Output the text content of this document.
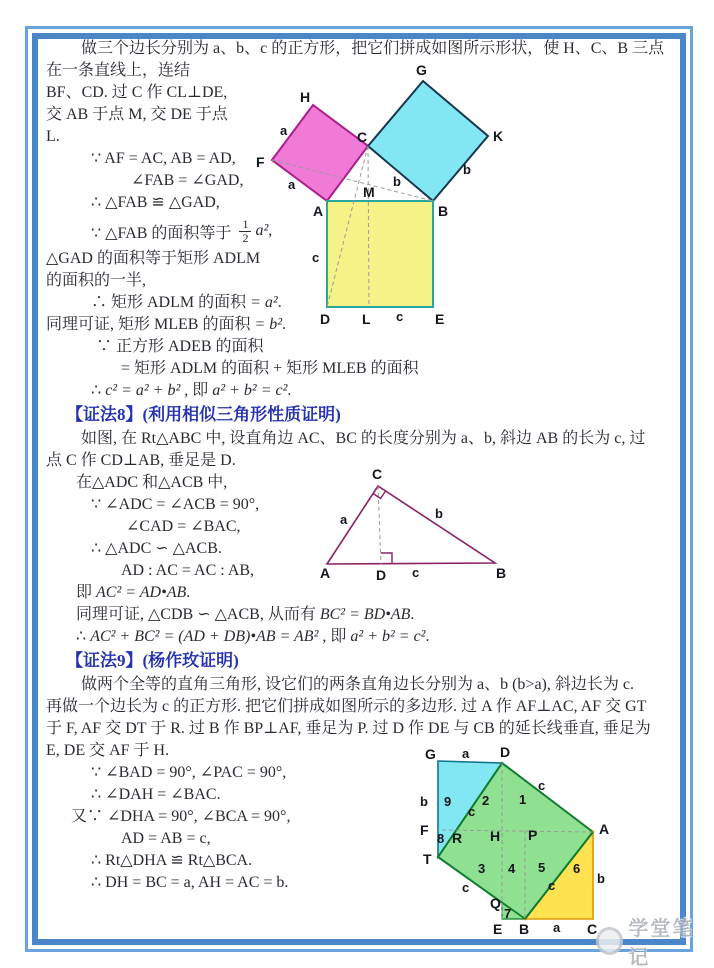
做三个边长分别为 a、b、c 的正方形，把它们拼成如图所示形状，使 H、C、B 三点
在一条直线上，连结
BF、CD. 过 C 作 CL⊥DE,
交 AB 于点 M, 交 DE 于点
L.
∵ AF = AC, AB = AD,
∠FAB = ∠GAD,
∴ △FAB ≌ △GAD,
∵ △FAB 的面积等于 $\frac{1}{2} a^2$ ,
△GAD 的面积等于矩形 ADLM
的面积的一半,
∴ 矩形 ADLM 的面积 = a².
同理可证, 矩形 MLEB 的面积 = b².
∵ 正方形 ADEB 的面积
= 矩形 ADLM 的面积 + 矩形 MLEB 的面积
∴ c² = a² + b² , 即 a² + b² = c².
【证法8】(利用相似三角形性质证明)
如图, 在 Rt△ABC 中, 设直角边 AC、BC 的长度分别为 a、b, 斜边 AB 的长为 c, 过
点 C 作 CD⊥AB, 垂足是 D.
在△ADC 和△ACB 中,
∵ ∠ADC = ∠ACB = 90°,
∠CAD = ∠BAC,
∴ △ADC ∽ △ACB.
AD : AC = AC : AB,
即 AC² = AD•AB.
同理可证, △CDB ∽ △ACB, 从而有 BC² = BD•AB.
∴ AC² + BC² = (AD + DB)•AB = AB² , 即 a² + b² = c².
【证法9】(杨作玫证明)
做两个全等的直角三角形, 设它们的两条直角边长分别为 a、b (b>a), 斜边长为 c.
再做一个边长为 c 的正方形. 把它们拼成如图所示的多边形. 过 A 作 AF⊥AC, AF 交 GT
于 F, AF 交 DT 于 R. 过 B 作 BP⊥AF, 垂足为 P. 过 D 作 DE 与 CB 的延长线垂直, 垂足为
E, DE 交 AF 于 H.
∵ ∠BAD = 90°, ∠PAC = 90°,
∴ ∠DAH = ∠BAC.
又∵ ∠DHA = 90°, ∠BCA = 90°,
AD = AB = c,
∴ Rt△DHA ≌ Rt△BCA.
∴ DH = BC = a, AH = AC = b.
H
G
K
F
C
M
A	B
D L	E
a
a	b
b
c
c
A	D	B
C
a	b
c
G	D
F
T
A
B	C
E
Q
R H P
a
b
c
c
c	c	b
a
1
2
3 4 5 6
7
8
9
学堂笔记
